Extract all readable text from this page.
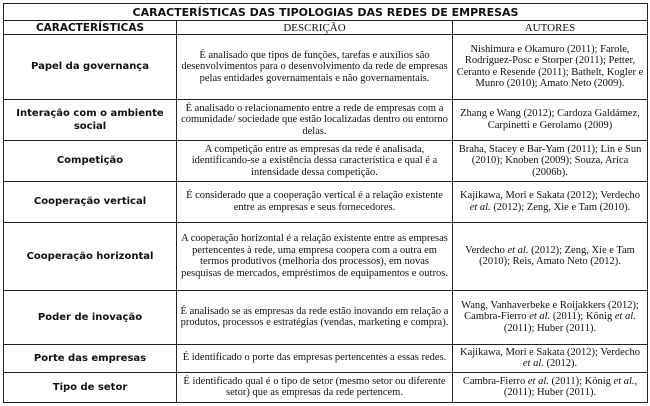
CARACTERÍSTICAS DAS TIPOLOGIAS DAS REDES DE EMPRESAS		
CARACTERÍSTICAS	DESCRIÇÃO	AUTORES
Papel da governança	É analisado que tipos de funções, tarefas e auxílios são desenvolvimentos para o desenvolvimento da rede de empresas pelas entidades governamentais e não governamentais.	Nishimura e Okamuro (2011); Farole, Rodríguez-Posc e Storper (2011); Petter, Ceranto e Resende (2011); Bathelt, Kogler e Munro (2010); Amato Neto (2009).
Interação com o ambiente social	É analisado o relacionamento entre a rede de empresas com a comunidade/ sociedade que estão localizadas dentro ou entorno delas.	Zhang e Wang (2012); Cardoza Galdámez, Carpinetti e Gerolamo (2009)
Competição	A competição entre as empresas da rede é analisada, identificando-se a existência dessa característica e qual é a intensidade dessa competição.	Braha, Stacey e Bar-Yam (2011); Lin e Sun (2010); Knoben (2009); Souza, Arica (2006b).
Cooperação vertical	É considerado que a cooperação vertical é a relação existente entre as empresas e seus fornecedores.	Kajikawa, Mori e Sakata (2012); Verdecho et al. (2012); Zeng, Xie e Tam (2010).
Cooperação horizontal	A cooperação horizontal é a relação existente entre as empresas pertencentes à rede, uma empresa coopera com a outra em termos produtivos (melhoria dos processos), em novas pesquisas de mercados, empréstimos de equipamentos e outros.	Verdecho et al. (2012); Zeng, Xie e Tam (2010); Reis, Amato Neto (2012).
Poder de inovação	É analisado se as empresas da rede estão inovando em relação a produtos, processos e estratégias (vendas, marketing e compra).	Wang, Vanhaverbeke e Roijakkers (2012); Cambra-Fierro et al. (2011); König et al. (2011); Huber (2011).
Porte das empresas	É identificado o porte das empresas pertencentes a essas redes.	Kajikawa, Mori e Sakata (2012); Verdecho et al. (2012).
Tipo de setor	É identificado qual é o tipo de setor (mesmo setor ou diferente setor) que as empresas da rede pertencem.	Cambra-Fierro et al. (2011); König et al., (2011); Huber (2011).
